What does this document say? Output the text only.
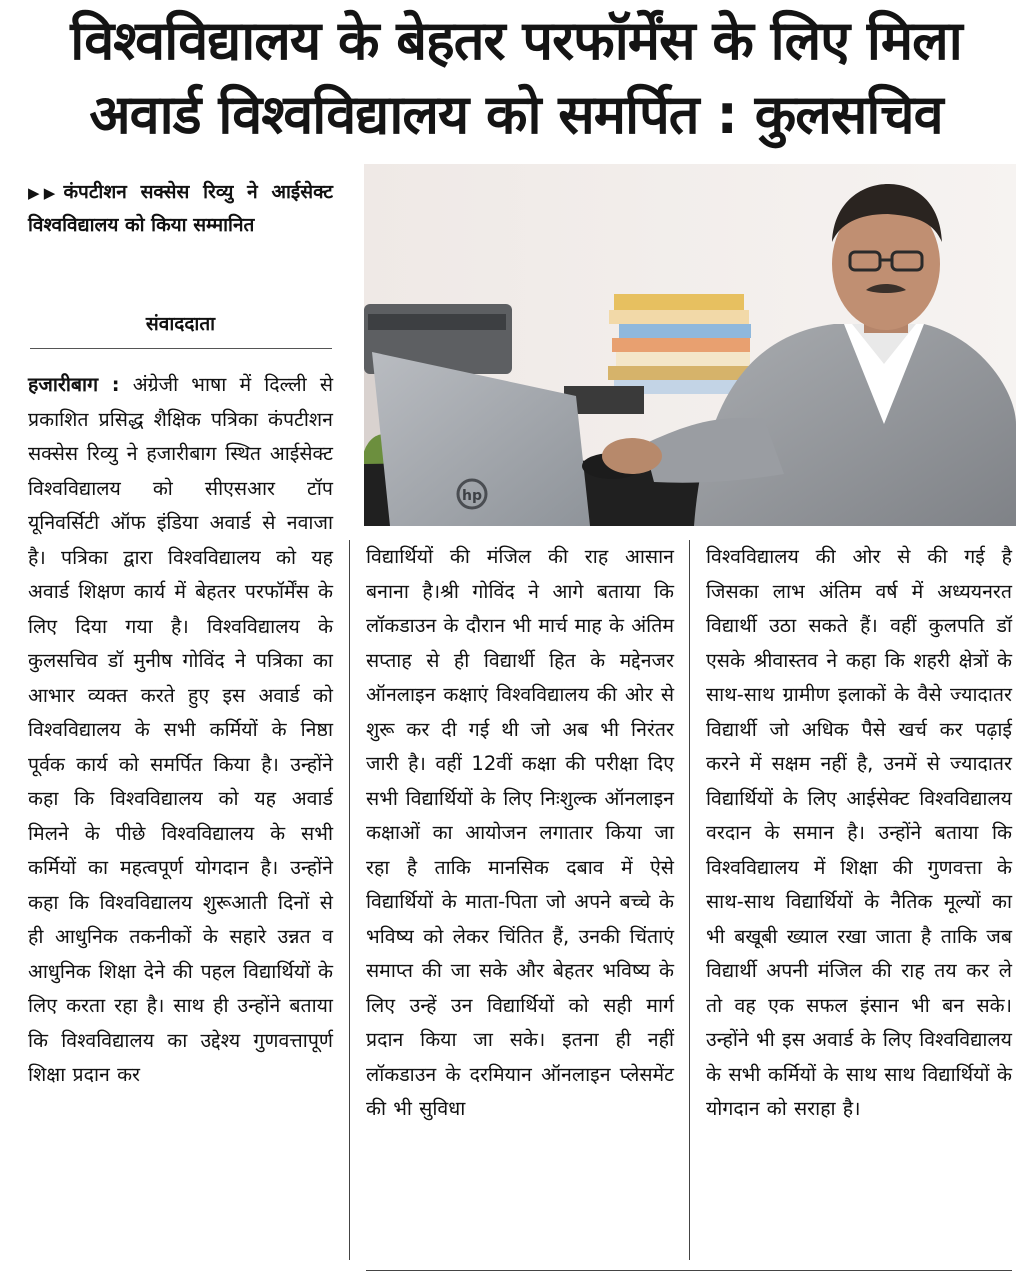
विश्वविद्यालय के बेहतर परफॉर्मेंस के लिए मिला
अवार्ड विश्वविद्यालय को समर्पित : कुलसचिव
▶▶ कंपटीशन सक्सेस रिव्यु ने आईसेक्ट विश्वविद्यालय को किया सम्मानित
संवाददाता
हजारीबाग : अंग्रेजी भाषा में दिल्ली से प्रकाशित प्रसिद्ध शैक्षिक पत्रिका कंपटीशन सक्सेस रिव्यु ने हजारीबाग स्थित आईसेक्ट विश्वविद्यालय को सीएसआर टॉप यूनिवर्सिटी ऑफ इंडिया अवार्ड से नवाजा है। पत्रिका द्वारा विश्वविद्यालय को यह अवार्ड शिक्षण कार्य में बेहतर परफॉर्मेंस के लिए दिया गया है। विश्वविद्यालय के कुलसचिव डॉ मुनीष गोविंद ने पत्रिका का आभार व्यक्त करते हुए इस अवार्ड को विश्वविद्यालय के सभी कर्मियों के निष्ठा पूर्वक कार्य को समर्पित किया है। उन्होंने कहा कि विश्वविद्यालय को यह अवार्ड मिलने के पीछे विश्वविद्यालय के सभी कर्मियों का महत्वपूर्ण योगदान है। उन्होंने कहा कि विश्वविद्यालय शुरूआती दिनों से ही आधुनिक तकनीकों के सहारे उन्नत व आधुनिक शिक्षा देने की पहल विद्यार्थियों के लिए करता रहा है। साथ ही उन्होंने बताया कि विश्वविद्यालय का उद्देश्य गुणवत्तापूर्ण शिक्षा प्रदान कर
hp
विद्यार्थियों की मंजिल की राह आसान बनाना है।श्री गोविंद ने आगे बताया कि लॉकडाउन के दौरान भी मार्च माह के अंतिम सप्ताह से ही विद्यार्थी हित के मद्देनजर ऑनलाइन कक्षाएं विश्वविद्यालय की ओर से शुरू कर दी गई थी जो अब भी निरंतर जारी है। वहीं 12वीं कक्षा की परीक्षा दिए सभी विद्यार्थियों के लिए निःशुल्क ऑनलाइन कक्षाओं का आयोजन लगातार किया जा रहा है ताकि मानसिक दबाव में ऐसे विद्यार्थियों के माता-पिता जो अपने बच्चे के भविष्य को लेकर चिंतित हैं, उनकी चिंताएं समाप्त की जा सके और बेहतर भविष्य के लिए उन्हें उन विद्यार्थियों को सही मार्ग प्रदान किया जा सके। इतना ही नहीं लॉकडाउन के दरमियान ऑनलाइन प्लेसमेंट की भी सुविधा
विश्वविद्यालय की ओर से की गई है जिसका लाभ अंतिम वर्ष में अध्ययनरत विद्यार्थी उठा सकते हैं। वहीं कुलपति डॉ एसके श्रीवास्तव ने कहा कि शहरी क्षेत्रों के साथ-साथ ग्रामीण इलाकों के वैसे ज्यादातर विद्यार्थी जो अधिक पैसे खर्च कर पढ़ाई करने में सक्षम नहीं है, उनमें से ज्यादातर विद्यार्थियों के लिए आईसेक्ट विश्वविद्यालय वरदान के समान है। उन्होंने बताया कि विश्वविद्यालय में शिक्षा की गुणवत्ता के साथ-साथ विद्यार्थियों के नैतिक मूल्यों का भी बखूबी ख्याल रखा जाता है ताकि जब विद्यार्थी अपनी मंजिल की राह तय कर ले तो वह एक सफल इंसान भी बन सके। उन्होंने भी इस अवार्ड के लिए विश्वविद्यालय के सभी कर्मियों के साथ साथ विद्यार्थियों के योगदान को सराहा है।
